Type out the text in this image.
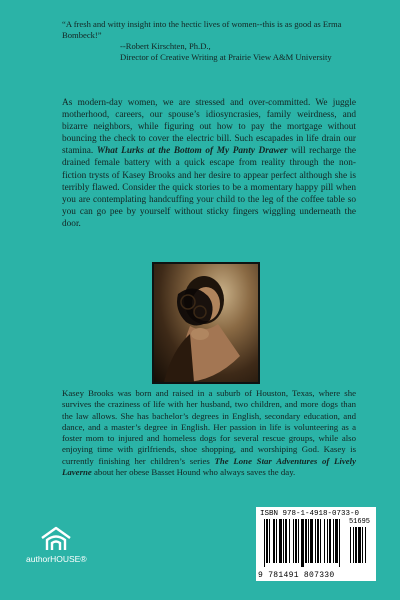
“A fresh and witty insight into the hectic lives of women--this is as good as Erma Bombeck!”

--Robert Kirschten, Ph.D.,
Director of Creative Writing at Prairie View A&M University

As modern-day women, we are stressed and over-committed. We juggle motherhood, careers, our spouse’s idiosyncrasies, family weirdness, and bizarre neighbors, while figuring out how to pay the mortgage without bouncing the check to cover the electric bill. Such escapades in life drain our stamina. What Lurks at the Bottom of My Panty Drawer will recharge the drained female battery with a quick escape from reality through the non-fiction trysts of Kasey Brooks and her desire to appear perfect although she is terribly flawed. Consider the quick stories to be a momentary happy pill when you are contemplating handcuffing your child to the leg of the coffee table so you can go pee by yourself without sticky fingers wiggling underneath the door.

Kasey Brooks was born and raised in a suburb of Houston, Texas, where she survives the craziness of life with her husband, two children, and more dogs than the law allows. She has bachelor’s degrees in English, secondary education, and dance, and a master’s degree in English. Her passion in life is volunteering as a foster mom to injured and homeless dogs for several rescue groups, while also enjoying time with girlfriends, shoe shopping, and worshiping God. Kasey is currently finishing her children’s series The Lone Star Adventures of Lively Laverne about her obese Basset Hound who always saves the day.

authorHOUSE®
ISBN 978-1-4918-0733-0
51695
9 781491 807330
